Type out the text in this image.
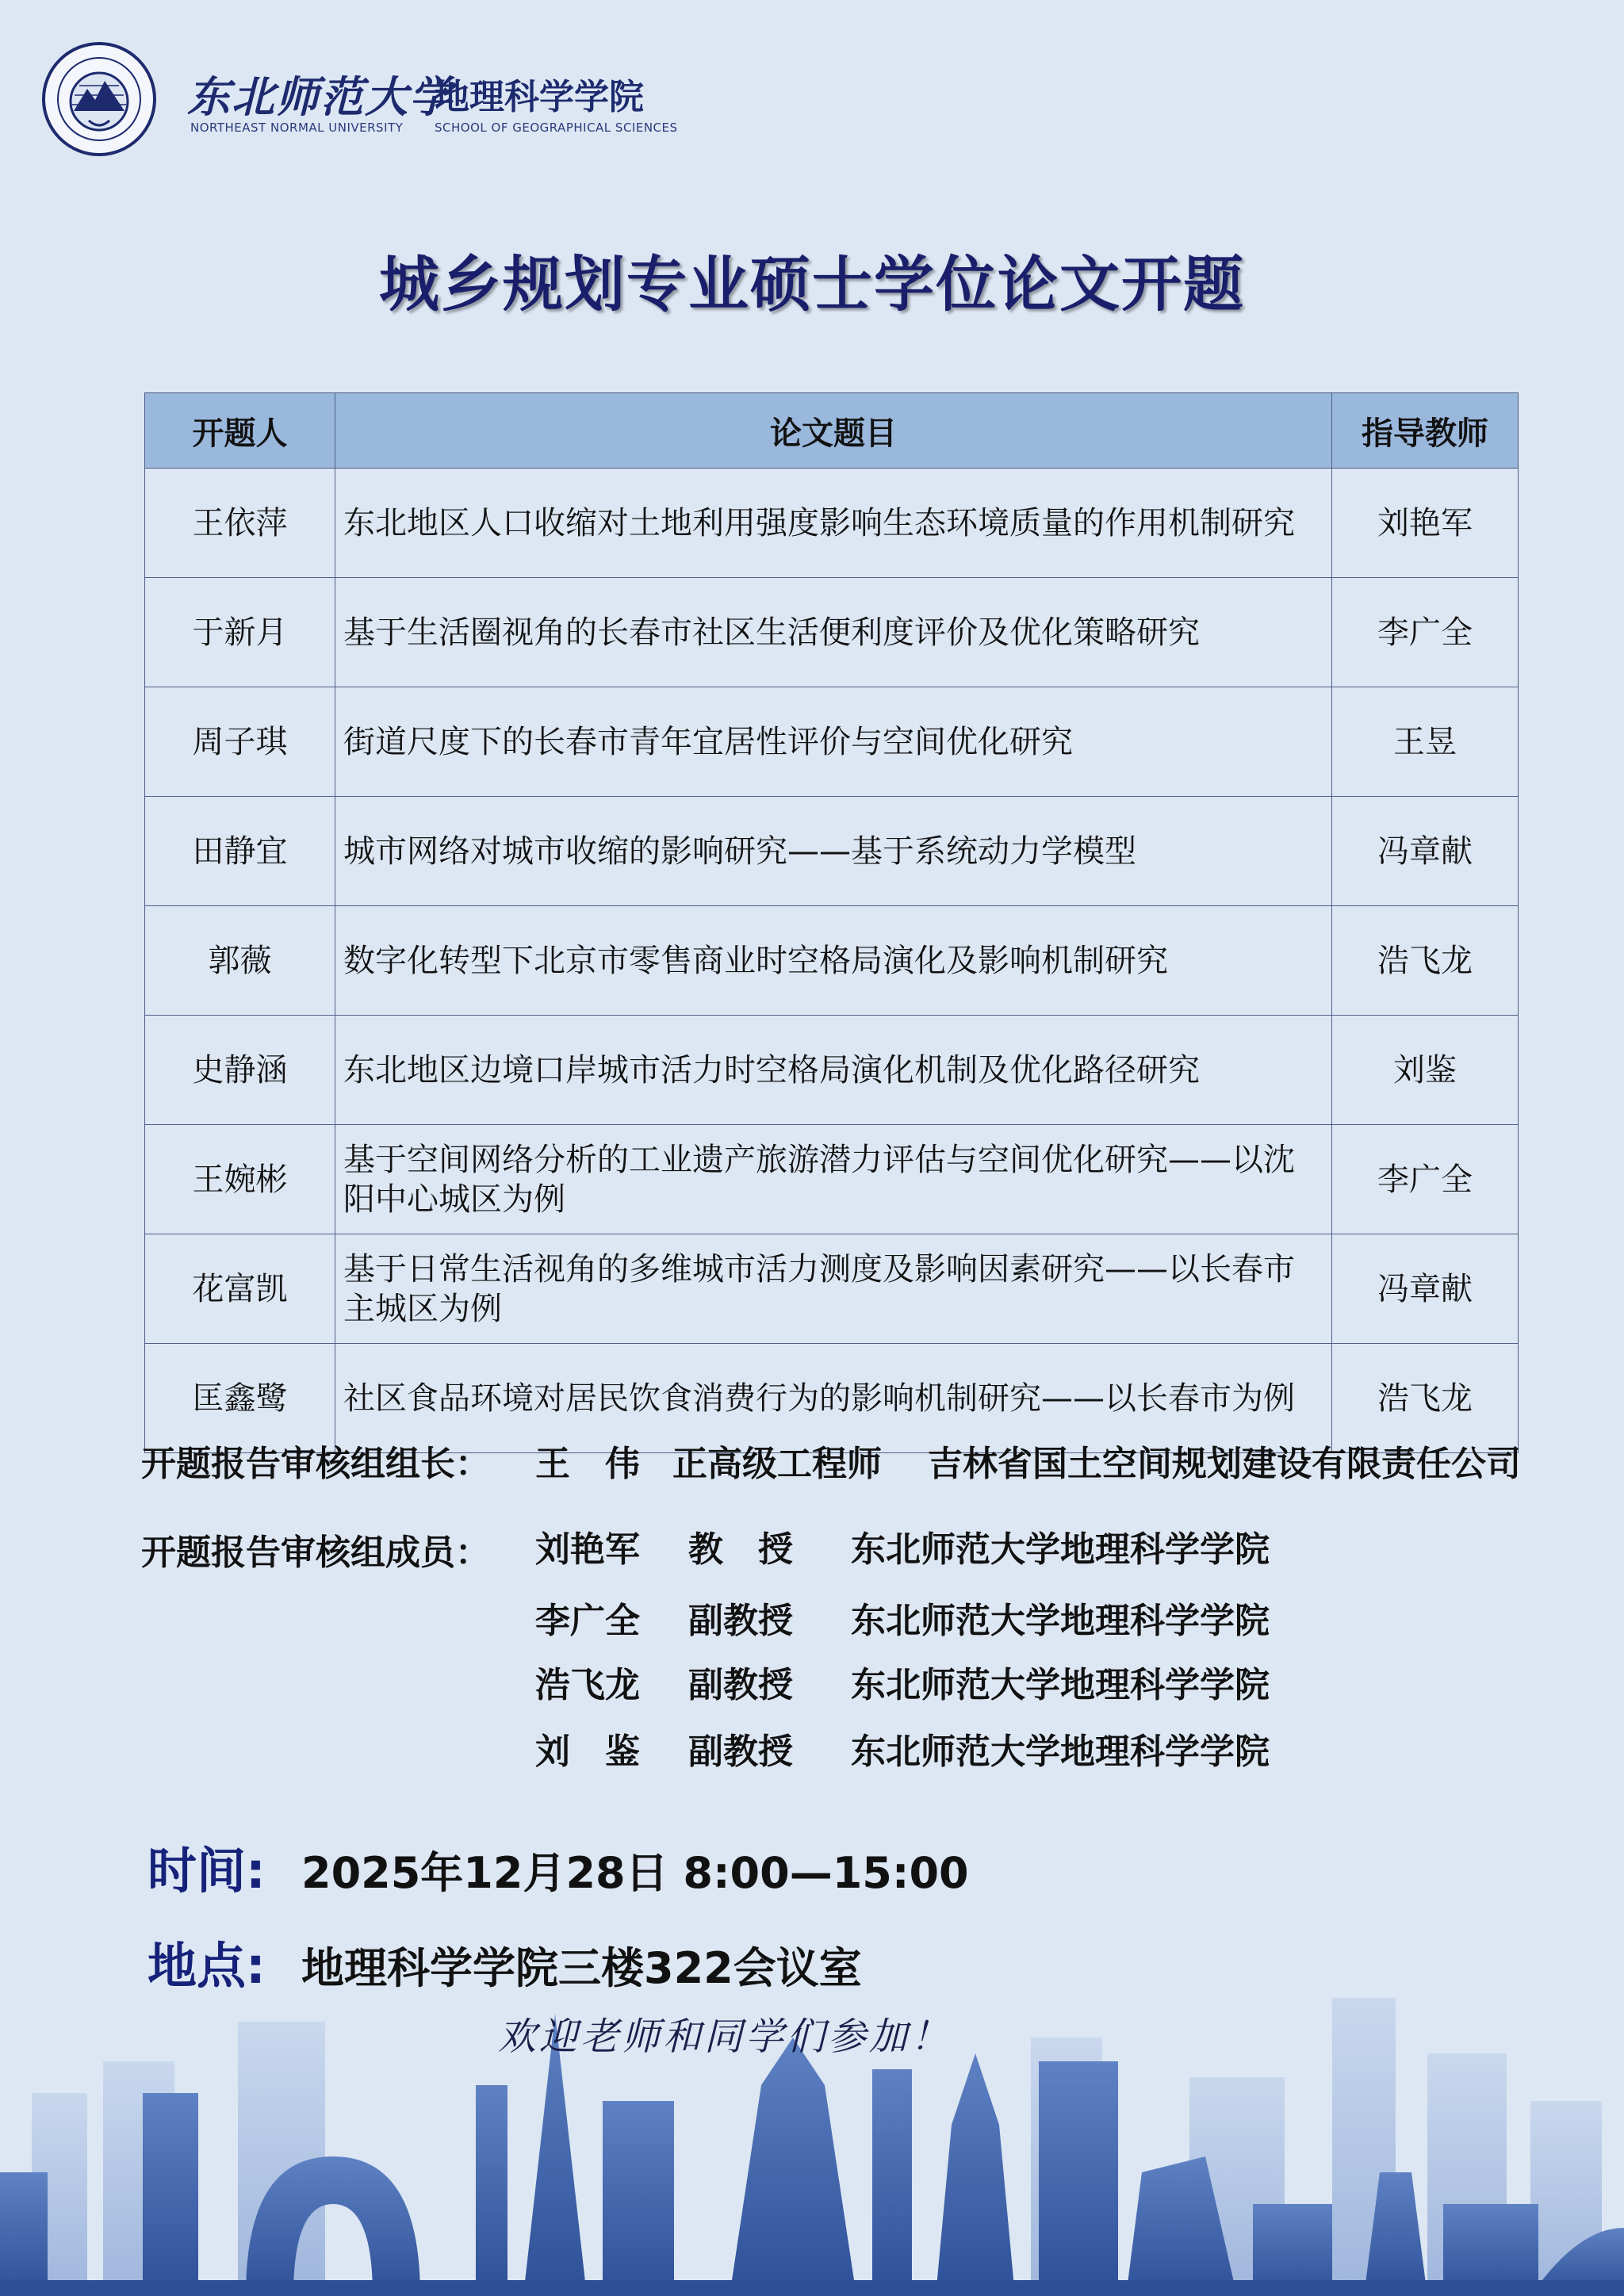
东北师范大学
地理科学学院
NORTHEAST NORMAL UNIVERSITY	SCHOOL OF GEOGRAPHICAL SCIENCES
城乡规划专业硕士学位论文开题
开题人	论文题目	指导教师
王依萍	东北地区人口收缩对土地利用强度影响生态环境质量的作用机制研究	刘艳军
于新月	基于生活圈视角的长春市社区生活便利度评价及优化策略研究	李广全
周子琪	街道尺度下的长春市青年宜居性评价与空间优化研究	王昱
田静宜	城市网络对城市收缩的影响研究——基于系统动力学模型	冯章献
郭薇	数字化转型下北京市零售商业时空格局演化及影响机制研究	浩飞龙
史静涵	东北地区边境口岸城市活力时空格局演化机制及优化路径研究	刘鉴
王婉彬	基于空间网络分析的工业遗产旅游潜力评估与空间优化研究——以沈阳中心城区为例	李广全
花富凯	基于日常生活视角的多维城市活力测度及影响因素研究——以长春市主城区为例	冯章献
匡鑫鹭	社区食品环境对居民饮食消费行为的影响机制研究——以长春市为例	浩飞龙
开题报告审核组组长： 王　伟 正高级工程师 吉林省国土空间规划建设有限责任公司
开题报告审核组成员： 刘艳军 教　授 东北师范大学地理科学学院
李广全 副教授 东北师范大学地理科学学院
浩飞龙 副教授 东北师范大学地理科学学院
刘　鉴 副教授 东北师范大学地理科学学院
时间: 2025年12月28日 8:00—15:00
地点: 地理科学学院三楼322会议室
欢迎老师和同学们参加！
